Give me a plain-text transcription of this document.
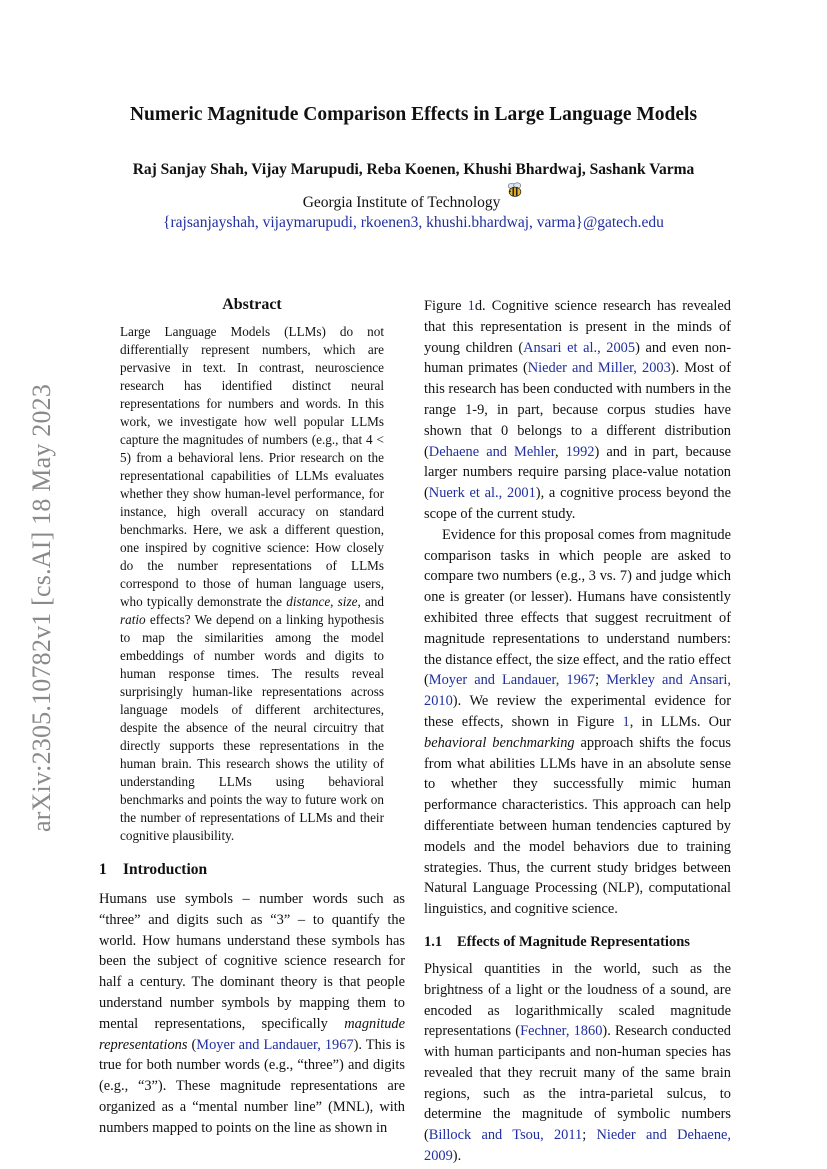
arXiv:2305.10782v1 [cs.AI] 18 May 2023
Numeric Magnitude Comparison Effects in Large Language Models
Raj Sanjay Shah, Vijay Marupudi, Reba Koenen, Khushi Bhardwaj, Sashank Varma
Georgia Institute of Technology
{rajsanjayshah, vijaymarupudi, rkoenen3, khushi.bhardwaj, varma}@gatech.edu
Abstract

Large Language Models (LLMs) do not differentially represent numbers, which are pervasive in text. In contrast, neuroscience research has identified distinct neural representations for numbers and words. In this work, we investigate how well popular LLMs capture the magnitudes of numbers (e.g., that 4 < 5) from a behavioral lens. Prior research on the representational capabilities of LLMs evaluates whether they show human-level performance, for instance, high overall accuracy on standard benchmarks. Here, we ask a different question, one inspired by cognitive science: How closely do the number representations of LLMs correspond to those of human language users, who typically demonstrate the distance, size, and ratio effects? We depend on a linking hypothesis to map the similarities among the model embeddings of number words and digits to human response times. The results reveal surprisingly human-like representations across language models of different architectures, despite the absence of the neural circuitry that directly supports these representations in the human brain. This research shows the utility of understanding LLMs using behavioral benchmarks and points the way to future work on the number of representations of LLMs and their cognitive plausibility.

1 Introduction

Humans use symbols – number words such as “three” and digits such as “3” – to quantify the world. How humans understand these symbols has been the subject of cognitive science research for half a century. The dominant theory is that people understand number symbols by mapping them to mental representations, specifically magnitude representations (Moyer and Landauer, 1967). This is true for both number words (e.g., “three”) and digits (e.g., “3”). These magnitude representations are organized as a “mental number line” (MNL), with numbers mapped to points on the line as shown in

Figure 1d. Cognitive science research has revealed that this representation is present in the minds of young children (Ansari et al., 2005) and even non-human primates (Nieder and Miller, 2003). Most of this research has been conducted with numbers in the range 1-9, in part, because corpus studies have shown that 0 belongs to a different distribution (Dehaene and Mehler, 1992) and in part, because larger numbers require parsing place-value notation (Nuerk et al., 2001), a cognitive process beyond the scope of the current study.

Evidence for this proposal comes from magnitude comparison tasks in which people are asked to compare two numbers (e.g., 3 vs. 7) and judge which one is greater (or lesser). Humans have consistently exhibited three effects that suggest recruitment of magnitude representations to understand numbers: the distance effect, the size effect, and the ratio effect (Moyer and Landauer, 1967; Merkley and Ansari, 2010). We review the experimental evidence for these effects, shown in Figure 1, in LLMs. Our behavioral benchmarking approach shifts the focus from what abilities LLMs have in an absolute sense to whether they successfully mimic human performance characteristics. This approach can help differentiate between human tendencies captured by models and the model behaviors due to training strategies. Thus, the current study bridges between Natural Language Processing (NLP), computational linguistics, and cognitive science.

1.1 Effects of Magnitude Representations

Physical quantities in the world, such as the brightness of a light or the loudness of a sound, are encoded as logarithmically scaled magnitude representations (Fechner, 1860). Research conducted with human participants and non-human species has revealed that they recruit many of the same brain regions, such as the intra-parietal sulcus, to determine the magnitude of symbolic numbers (Billock and Tsou, 2011; Nieder and Dehaene, 2009).
